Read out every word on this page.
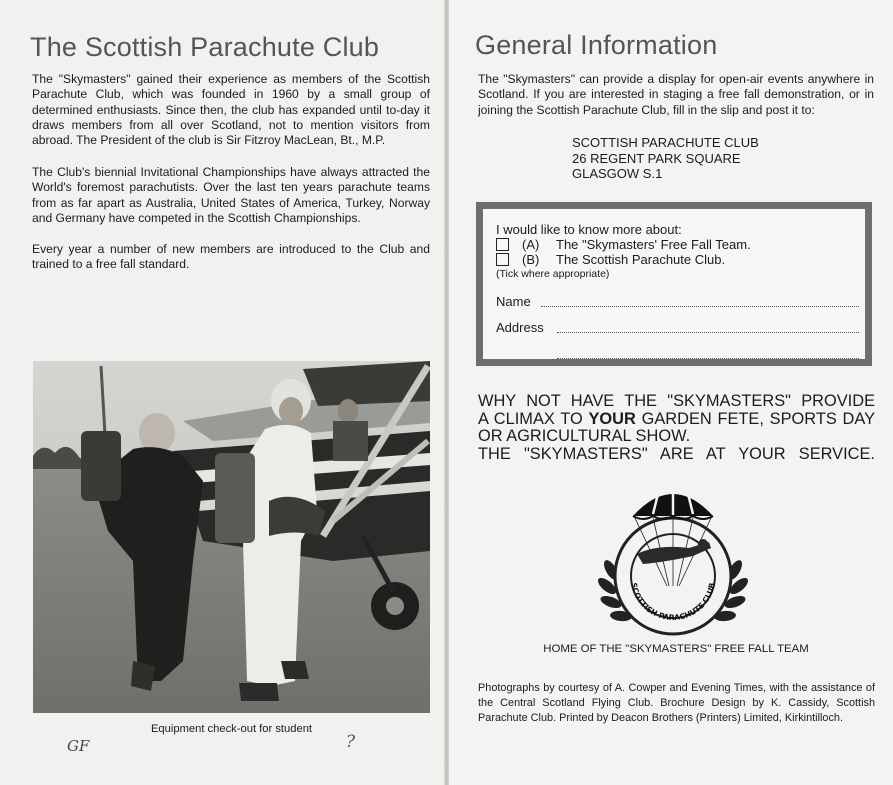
The Scottish Parachute Club

The "Skymasters" gained their experience as members of the Scottish Parachute Club, which was founded in 1960 by a small group of determined enthusiasts. Since then, the club has expanded until to-day it draws members from all over Scotland, not to mention visitors from abroad. The President of the club is Sir Fitzroy MacLean, Bt., M.P.

The Club's biennial Invitational Championships have always attracted the World's foremost parachutists. Over the last ten years parachute teams from as far apart as Australia, United States of America, Turkey, Norway and Germany have competed in the Scottish Championships.

Every year a number of new members are introduced to the Club and trained to a free fall standard.

Equipment check-out for student
GF	?
General Information

The "Skymasters" can provide a display for open-air events anywhere in Scotland. If you are interested in staging a free fall demonstration, or in joining the Scottish Parachute Club, fill in the slip and post it to:

SCOTTISH PARACHUTE CLUB
26 REGENT PARK SQUARE
GLASGOW S.1
I would like to know more about:
(A)	The "Skymasters' Free Fall Team.
(B)	The Scottish Parachute Club.
(Tick where appropriate)
Name
Address
WHY NOT HAVE THE "SKYMASTERS" PROVIDE
A CLIMAX TO YOUR GARDEN FETE, SPORTS DAY
OR AGRICULTURAL SHOW.
THE "SKYMASTERS" ARE AT YOUR SERVICE.
SCOTTISH PARACHUTE CLUB
HOME OF THE "SKYMASTERS" FREE FALL TEAM

Photographs by courtesy of A. Cowper and Evening Times, with the assistance of the Central Scotland Flying Club. Brochure Design by K. Cassidy, Scottish Parachute Club. Printed by Deacon Brothers (Printers) Limited, Kirkintilloch.
